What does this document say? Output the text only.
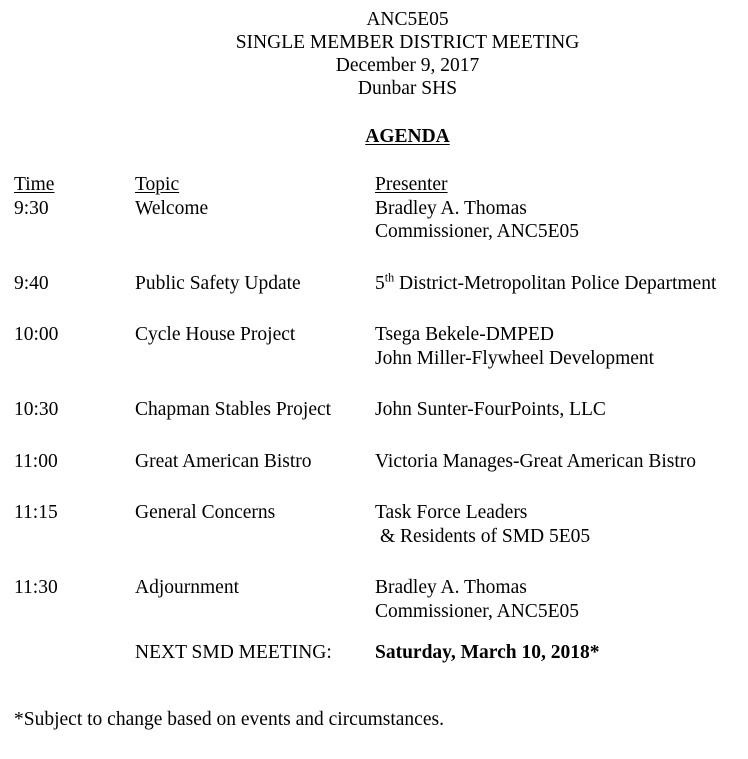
ANC5E05
SINGLE MEMBER DISTRICT MEETING
December 9, 2017
Dunbar SHS
AGENDA
Time	Topic	Presenter
9:30	Welcome	Bradley A. Thomas
Commissioner, ANC5E05

9:40	Public Safety Update	5th District-Metropolitan Police Department

10:00	Cycle House Project	Tsega Bekele-DMPED
John Miller-Flywheel Development

10:30	Chapman Stables Project	John Sunter-FourPoints, LLC

11:00	Great American Bistro	Victoria Manages-Great American Bistro

11:15	General Concerns	Task Force Leaders
& Residents of SMD 5E05

11:30	Adjournment	Bradley A. Thomas
Commissioner, ANC5E05
NEXT SMD MEETING: Saturday, March 10, 2018*
*Subject to change based on events and circumstances.
